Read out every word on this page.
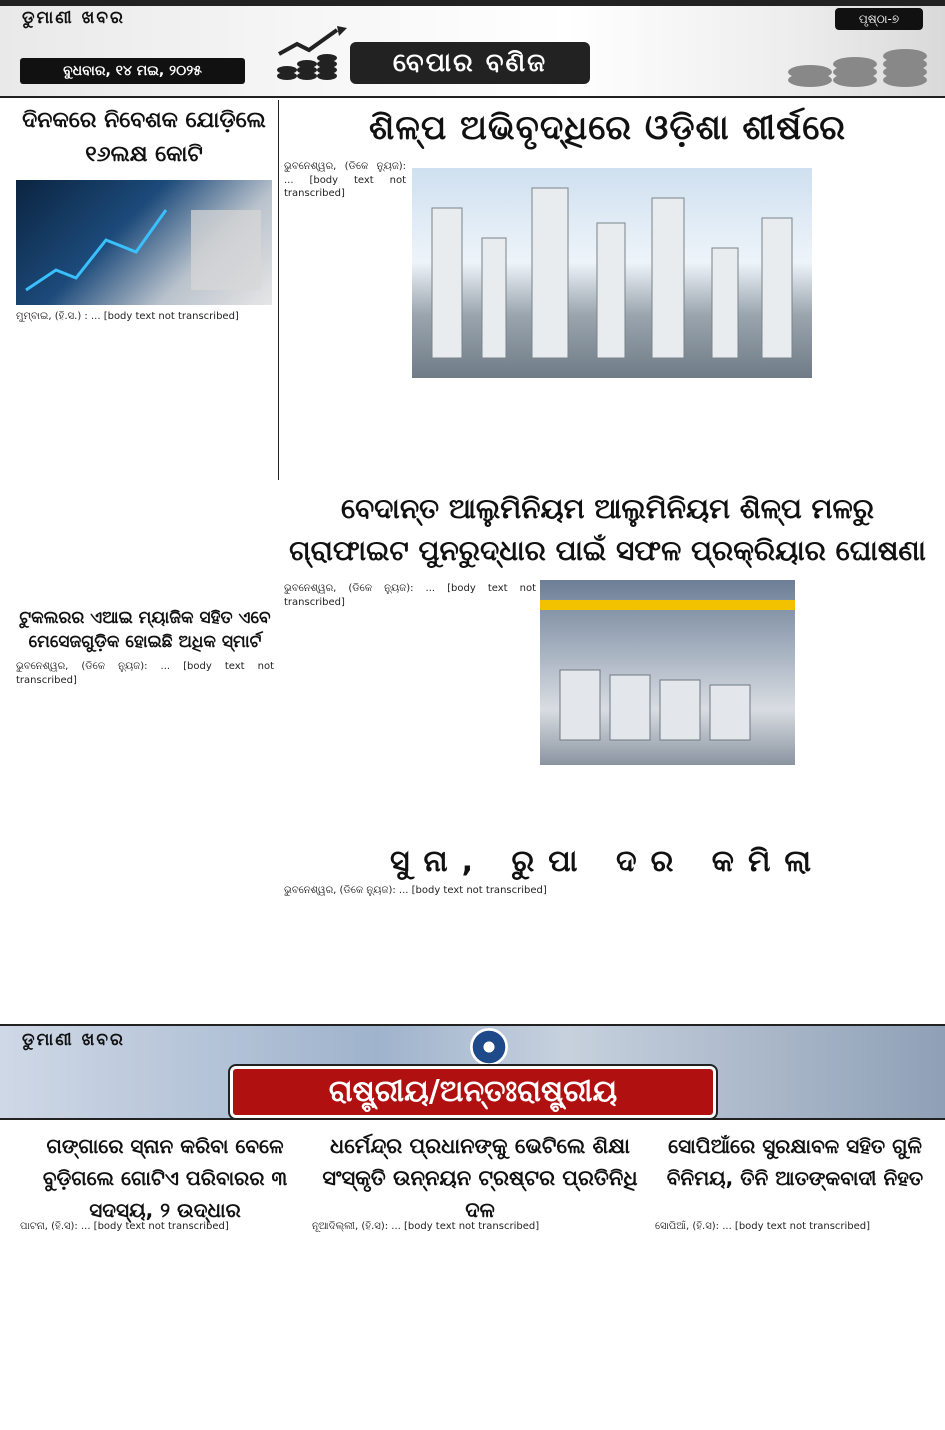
ଡୁମାଣୀ ଖବର
ବେପାର ବଣିଜ
ପୃଷ୍ଠା-୭
ବୁଧବାର, ୧୪ ମଇ, ୨୦୨୫
ଦିନକରେ ନିବେଶକ ଯୋଡ଼ିଲେ ୧୬ଲକ୍ଷ କୋଟି
ମୁମ୍ବାଇ, (ହି.ସ.) : ... [body text not transcribed]
ଶିଳ୍ପ ଅଭିବୃଦ୍ଧିରେ ଓଡ଼ିଶା ଶୀର୍ଷରେ
ଭୁବନେଶ୍ୱର, (ଡିକେ ନ୍ୟୁଜ): ... [body text not transcribed]
ଟୁକଲରର ଏଆଇ ମ୍ୟାଜିକ ସହିତ ଏବେ ମେସେଜଗୁଡ଼ିକ ହୋଇଛି ଅଧିକ ସ୍ମାର୍ଟ
ଭୁବନେଶ୍ୱର, (ଡିକେ ନ୍ୟୁଜ): ... [body text not transcribed]
ବେଦାନ୍ତ ଆଲୁମିନିୟମ ଆଲୁମିନିୟମ ଶିଳ୍ପ ମଳରୁ ଗ୍ରାଫାଇଟ ପୁନରୁଦ୍ଧାର ପାଇଁ ସଫଳ ପ୍ରକ୍ରିୟାର ଘୋଷଣା
ଭୁବନେଶ୍ୱର, (ଡିକେ ନ୍ୟୁଜ): ... [body text not transcribed]
ସୁନା, ରୁପା ଦର କମିଲା
ଭୁବନେଶ୍ୱର, (ଡିକେ ନ୍ୟୁଜ): ... [body text not transcribed]
ଡୁମାଣୀ ଖବର
ରାଷ୍ଟ୍ରୀୟ/ଅନ୍ତଃରାଷ୍ଟ୍ରୀୟ
ଗଙ୍ଗାରେ ସ୍ନାନ କରିବା ବେଳେ ବୁଡ଼ିଗଲେ ଗୋଟିଏ ପରିବାରର ୩ ସଦସ୍ୟ, ୨ ଉଦ୍ଧାର
ପାଟନା, (ହି.ସ): ... [body text not transcribed]
ଧର୍ମେନ୍ଦ୍ର ପ୍ରଧାନଙ୍କୁ ଭେଟିଲେ ଶିକ୍ଷା ସଂସ୍କୃତି ଉନ୍ନୟନ ଟ୍ରଷ୍ଟର ପ୍ରତିନିଧି ଦଳ
ନୂଆଦିଲ୍ଲୀ, (ହି.ସ): ... [body text not transcribed]
ସୋପିଆଁରେ ସୁରକ୍ଷାବଳ ସହିତ ଗୁଳି ବିନିମୟ, ତିନି ଆତଙ୍କବାଦୀ ନିହତ
ସୋପିଆଁ, (ହି.ସ): ... [body text not transcribed]
